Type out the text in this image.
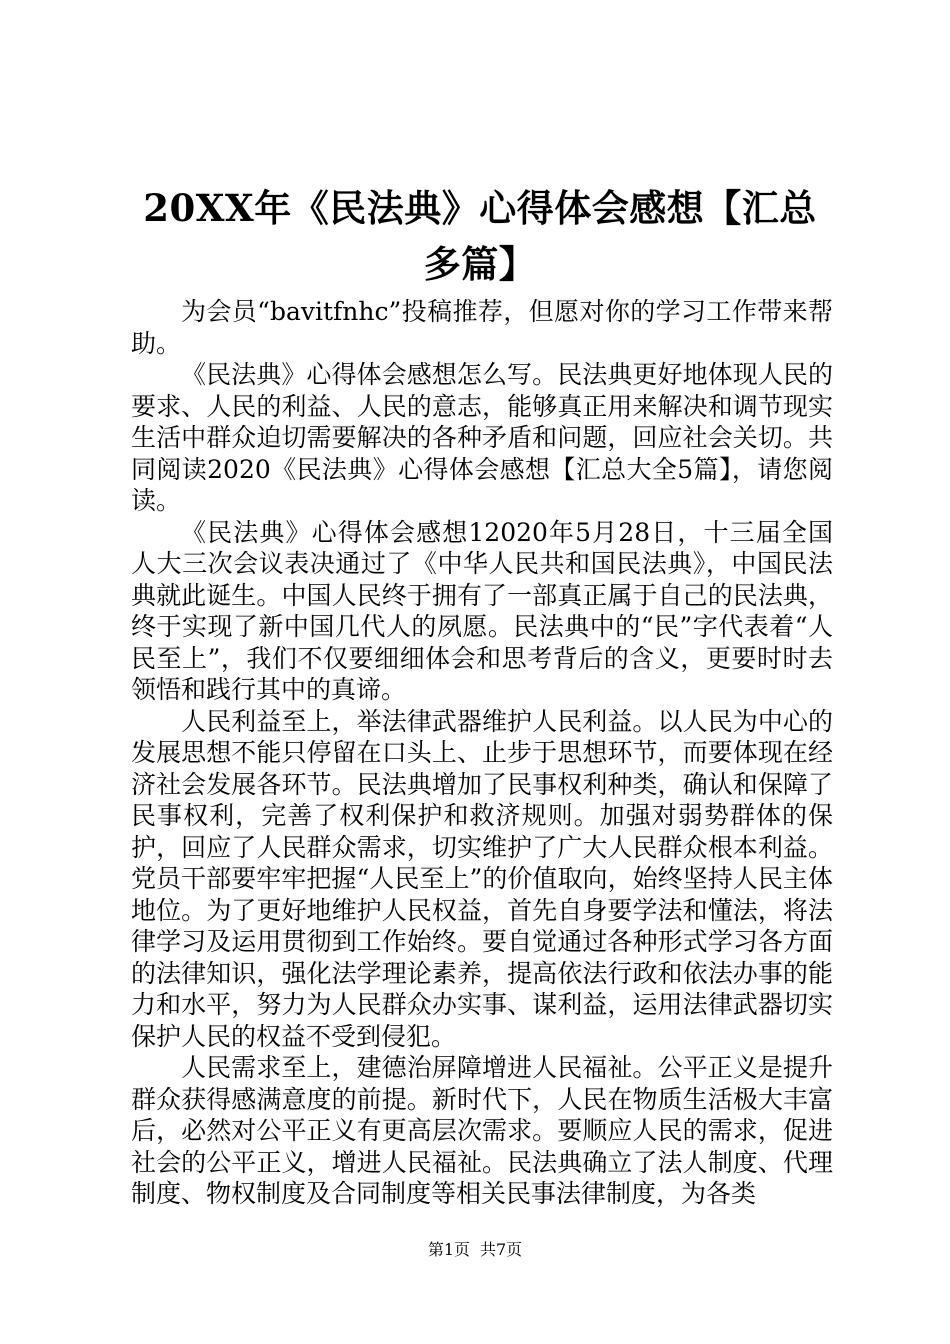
20XX年《民法典》心得体会感想【汇总多篇】

为会员“bavitfnhc”投稿推荐，但愿对你的学习工作带来帮助。

《民法典》心得体会感想怎么写。民法典更好地体现人民的要求、人民的利益、人民的意志，能够真正用来解决和调节现实生活中群众迫切需要解决的各种矛盾和问题，回应社会关切。共同阅读2020《民法典》心得体会感想【汇总大全5篇】，请您阅读。

《民法典》心得体会感想12020年5月28日，十三届全国人大三次会议表决通过了《中华人民共和国民法典》，中国民法典就此诞生。中国人民终于拥有了一部真正属于自己的民法典，终于实现了新中国几代人的夙愿。民法典中的“民”字代表着“人民至上”，我们不仅要细细体会和思考背后的含义，更要时时去领悟和践行其中的真谛。

人民利益至上，举法律武器维护人民利益。以人民为中心的发展思想不能只停留在口头上、止步于思想环节，而要体现在经济社会发展各环节。民法典增加了民事权利种类，确认和保障了民事权利，完善了权利保护和救济规则。加强对弱势群体的保护，回应了人民群众需求，切实维护了广大人民群众根本利益。党员干部要牢牢把握“人民至上”的价值取向，始终坚持人民主体地位。为了更好地维护人民权益，首先自身要学法和懂法，将法律学习及运用贯彻到工作始终。要自觉通过各种形式学习各方面的法律知识，强化法学理论素养，提高依法行政和依法办事的能力和水平，努力为人民群众办实事、谋利益，运用法律武器切实保护人民的权益不受到侵犯。

人民需求至上，建德治屏障增进人民福祉。公平正义是提升群众获得感满意度的前提。新时代下，人民在物质生活极大丰富后，必然对公平正义有更高层次需求。要顺应人民的需求，促进社会的公平正义，增进人民福祉。民法典确立了法人制度、代理制度、物权制度及合同制度等相关民事法律制度，为各类

第1页 共7页
